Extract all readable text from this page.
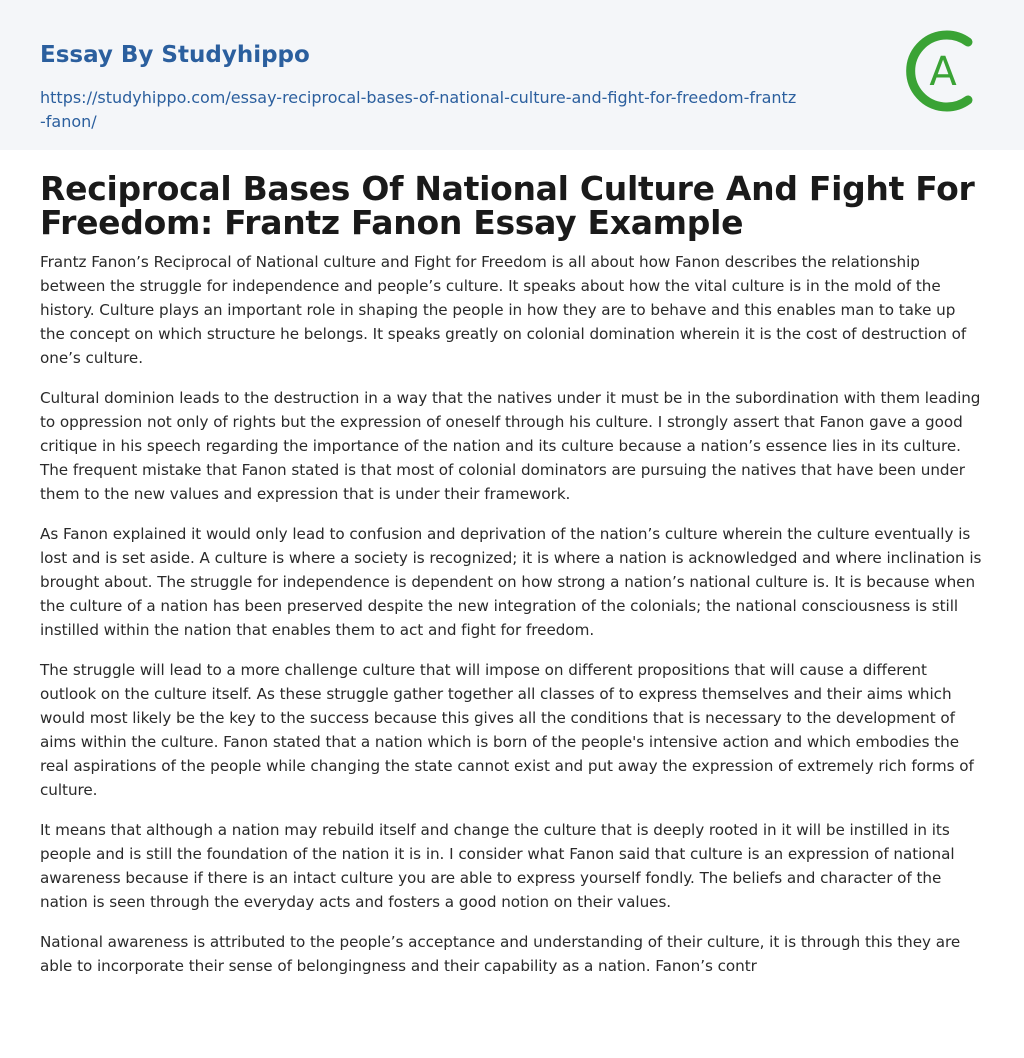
Essay By Studyhippo
https://studyhippo.com/essay-reciprocal-bases-of-national-culture-and-fight-for-freedom-frantz-fanon/
A
Reciprocal Bases Of National Culture And Fight For Freedom: Frantz Fanon Essay Example

Frantz Fanon’s Reciprocal of National culture and Fight for Freedom is all about how Fanon describes the relationship between the struggle for independence and people’s culture. It speaks about how the vital culture is in the mold of the history. Culture plays an important role in shaping the people in how they are to behave and this enables man to take up the concept on which structure he belongs. It speaks greatly on colonial domination wherein it is the cost of destruction of one’s culture.

Cultural dominion leads to the destruction in a way that the natives under it must be in the subordination with them leading to oppression not only of rights but the expression of oneself through his culture. I strongly assert that Fanon gave a good critique in his speech regarding the importance of the nation and its culture because a nation’s essence lies in its culture. The frequent mistake that Fanon stated is that most of colonial dominators are pursuing the natives that have been under them to the new values and expression that is under their framework.

As Fanon explained it would only lead to confusion and deprivation of the nation’s culture wherein the culture eventually is lost and is set aside. A culture is where a society is recognized; it is where a nation is acknowledged and where inclination is brought about. The struggle for independence is dependent on how strong a nation’s national culture is. It is because when the culture of a nation has been preserved despite the new integration of the colonials; the national consciousness is still instilled within the nation that enables them to act and fight for freedom.

The struggle will lead to a more challenge culture that will impose on different propositions that will cause a different outlook on the culture itself. As these struggle gather together all classes of to express themselves and their aims which would most likely be the key to the success because this gives all the conditions that is necessary to the development of aims within the culture. Fanon stated that a nation which is born of the people's intensive action and which embodies the real aspirations of the people while changing the state cannot exist and put away the expression of extremely rich forms of culture.

It means that although a nation may rebuild itself and change the culture that is deeply rooted in it will be instilled in its people and is still the foundation of the nation it is in. I consider what Fanon said that culture is an expression of national awareness because if there is an intact culture you are able to express yourself fondly. The beliefs and character of the nation is seen through the everyday acts and fosters a good notion on their values.

National awareness is attributed to the people’s acceptance and understanding of their culture, it is through this they are able to incorporate their sense of belongingness and their capability as a nation. Fanon’s contr
